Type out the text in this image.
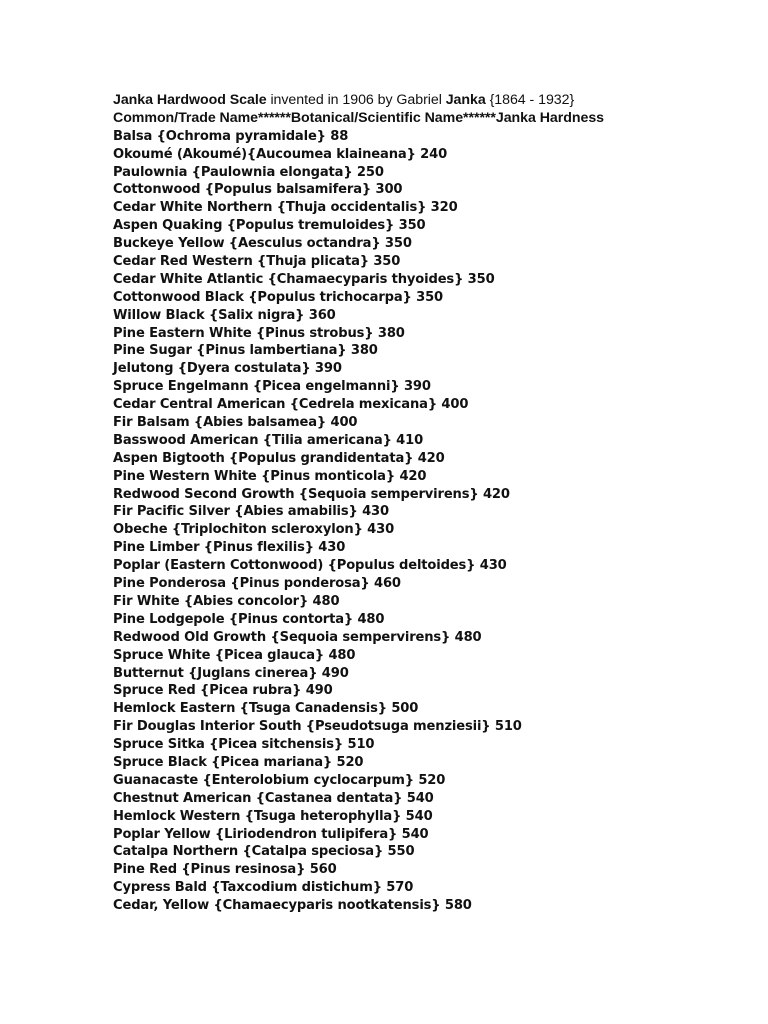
Janka Hardwood Scale invented in 1906 by Gabriel Janka {1864 - 1932}
Common/Trade Name******Botanical/Scientific Name******Janka Hardness
Balsa {Ochroma pyramidale} 88
Okoumé (Akoumé){Aucoumea klaineana} 240
Paulownia {Paulownia elongata} 250
Cottonwood {Populus balsamifera} 300
Cedar White Northern {Thuja occidentalis} 320
Aspen Quaking {Populus tremuloides} 350
Buckeye Yellow {Aesculus octandra} 350
Cedar Red Western {Thuja plicata} 350
Cedar White Atlantic {Chamaecyparis thyoides} 350
Cottonwood Black {Populus trichocarpa} 350
Willow Black {Salix nigra} 360
Pine Eastern White {Pinus strobus} 380
Pine Sugar {Pinus lambertiana} 380
Jelutong {Dyera costulata} 390
Spruce Engelmann {Picea engelmanni} 390
Cedar Central American {Cedrela mexicana} 400
Fir Balsam {Abies balsamea} 400
Basswood American {Tilia americana} 410
Aspen Bigtooth {Populus grandidentata} 420
Pine Western White {Pinus monticola} 420
Redwood Second Growth {Sequoia sempervirens} 420
Fir Pacific Silver {Abies amabilis} 430
Obeche {Triplochiton scleroxylon} 430
Pine Limber {Pinus flexilis} 430
Poplar (Eastern Cottonwood) {Populus deltoides} 430
Pine Ponderosa {Pinus ponderosa} 460
Fir White {Abies concolor} 480
Pine Lodgepole {Pinus contorta} 480
Redwood Old Growth {Sequoia sempervirens} 480
Spruce White {Picea glauca} 480
Butternut {Juglans cinerea} 490
Spruce Red {Picea rubra} 490
Hemlock Eastern {Tsuga Canadensis} 500
Fir Douglas Interior South {Pseudotsuga menziesii} 510
Spruce Sitka {Picea sitchensis} 510
Spruce Black {Picea mariana} 520
Guanacaste {Enterolobium cyclocarpum} 520
Chestnut American {Castanea dentata} 540
Hemlock Western {Tsuga heterophylla} 540
Poplar Yellow {Liriodendron tulipifera} 540
Catalpa Northern {Catalpa speciosa} 550
Pine Red {Pinus resinosa} 560
Cypress Bald {Taxcodium distichum} 570
Cedar, Yellow {Chamaecyparis nootkatensis} 580
